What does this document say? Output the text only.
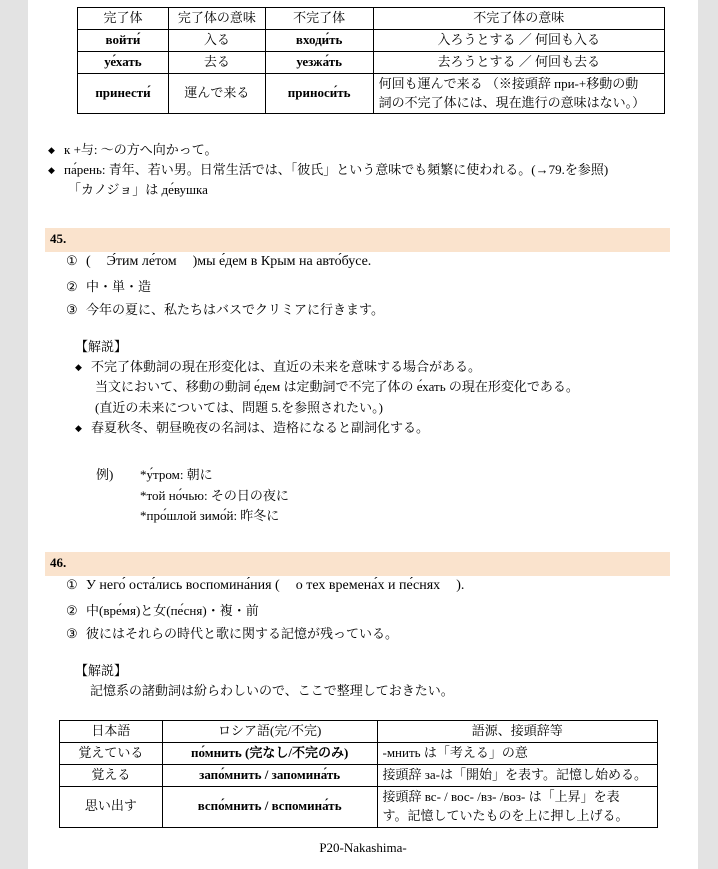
完了体	完了体の意味	不完了体	不完了体の意味
войти́	入る	входи́ть	入ろうとする ／ 何回も入る
уе́хать	去る	уезжа́ть	去ろうとする ／ 何回も去る
принести́	運んで来る	приноси́ть	何回も運んで来る （※接頭辞 при-+移動の動
詞の不完了体には、現在進行の意味はない。）
◆ к +与: ～の方へ向かって。
◆ па́рень: 青年、若い男。日常生活では、「彼氏」という意味でも頻繁に使われる。(→79.を参照)
「カノジョ」は де́вушка
45.
① ( Э́тим ле́том )мы е́дем в Крым на авто́бусе.
② 中・単・造
③ 今年の夏に、私たちはバスでクリミアに行きます。
【解説】
◆ 不完了体動詞の現在形変化は、直近の未来を意味する場合がある。
当文において、移動の動詞 е́дем は定動詞で不完了体の е́хать の現在形変化である。
(直近の未来については、問題 5.を参照されたい。)
◆ 春夏秋冬、朝昼晩夜の名詞は、造格になると副詞化する。
例)	*у́тром: 朝に
*той но́чью: その日の夜に
*про́шлой зимо́й: 昨冬に
46.
① У него́ оста́лись воспомина́ния ( о тех времена́х и пе́снях ).
② 中(вре́мя)と女(пе́сня)・複・前
③ 彼にはそれらの時代と歌に関する記憶が残っている。
【解説】
記憶系の諸動詞は紛らわしいので、ここで整理しておきたい。
日本語	ロシア語(完/不完)	語源、接頭辞等
覚えている	по́мнить (完なし/不完のみ)	-мнить は「考える」の意

覚える	запо́мнить / запомина́ть	接頭辞 за-は「開始」を表す。記憶し始める。

思い出す	вспо́мнить / вспомина́ть	接頭辞 вс- / вос- /вз- /воз- は「上昇」を表
す。記憶していたものを上に押し上げる。
P20-Nakashima-
